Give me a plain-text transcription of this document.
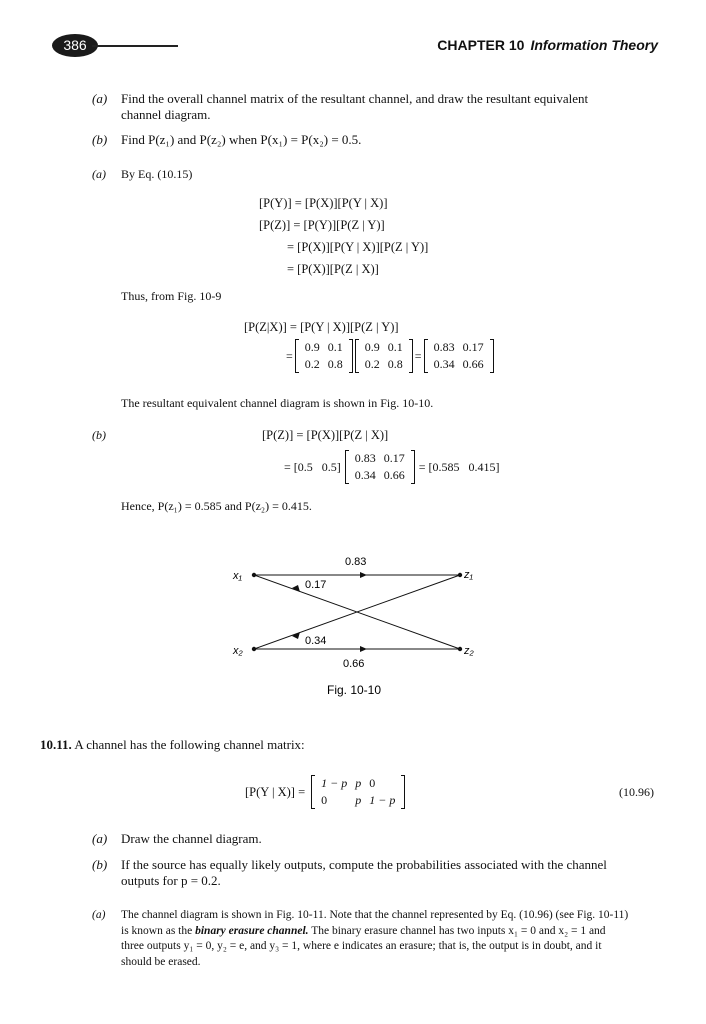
386	CHAPTER 10 Information Theory
(a) Find the overall channel matrix of the resultant channel, and draw the resultant equivalent
channel diagram.
(b) Find P(z₁) and P(z₂) when P(x₁) = P(x₂) = 0.5.
(a) By Eq. (10.15)
[P(Y)] = [P(X)][P(Y | X)]
[P(Z)] = [P(Y)][P(Z | Y)]
= [P(X)][P(Y | X)][P(Z | Y)]
= [P(X)][P(Z | X)]
Thus, from Fig. 10-9
[P(Z|X)] = [P(Y | X)][P(Z | Y)]
=
0.9	0.1
0.2	0.8
0.9	0.1
0.2	0.8
=
0.83	0.17
0.34	0.66
The resultant equivalent channel diagram is shown in Fig. 10-10.
(b)	[P(Z)] = [P(X)][P(Z | X)]
= [0.5   0.5]
0.83	0.17
0.34	0.66
= [0.585   0.415]
Hence, P(z₁) = 0.585 and P(z₂) = 0.415.
x₁
x₂
z₁
z₂
0.83
0.17
0.34
0.66
Fig. 10-10
10.11. A channel has the following channel matrix:
[P(Y | X)] =
1 − p	p	0
0	p	1 − p
(10.96)
(a) Draw the channel diagram.
(b) If the source has equally likely outputs, compute the probabilities associated with the channel
outputs for p = 0.2.
(a) The channel diagram is shown in Fig. 10-11. Note that the channel represented by Eq. (10.96) (see Fig. 10-11)
is known as the binary erasure channel. The binary erasure channel has two inputs x₁ = 0 and x₂ = 1 and
three outputs y₁ = 0, y₂ = e, and y₃ = 1, where e indicates an erasure; that is, the output is in doubt, and it
should be erased.
